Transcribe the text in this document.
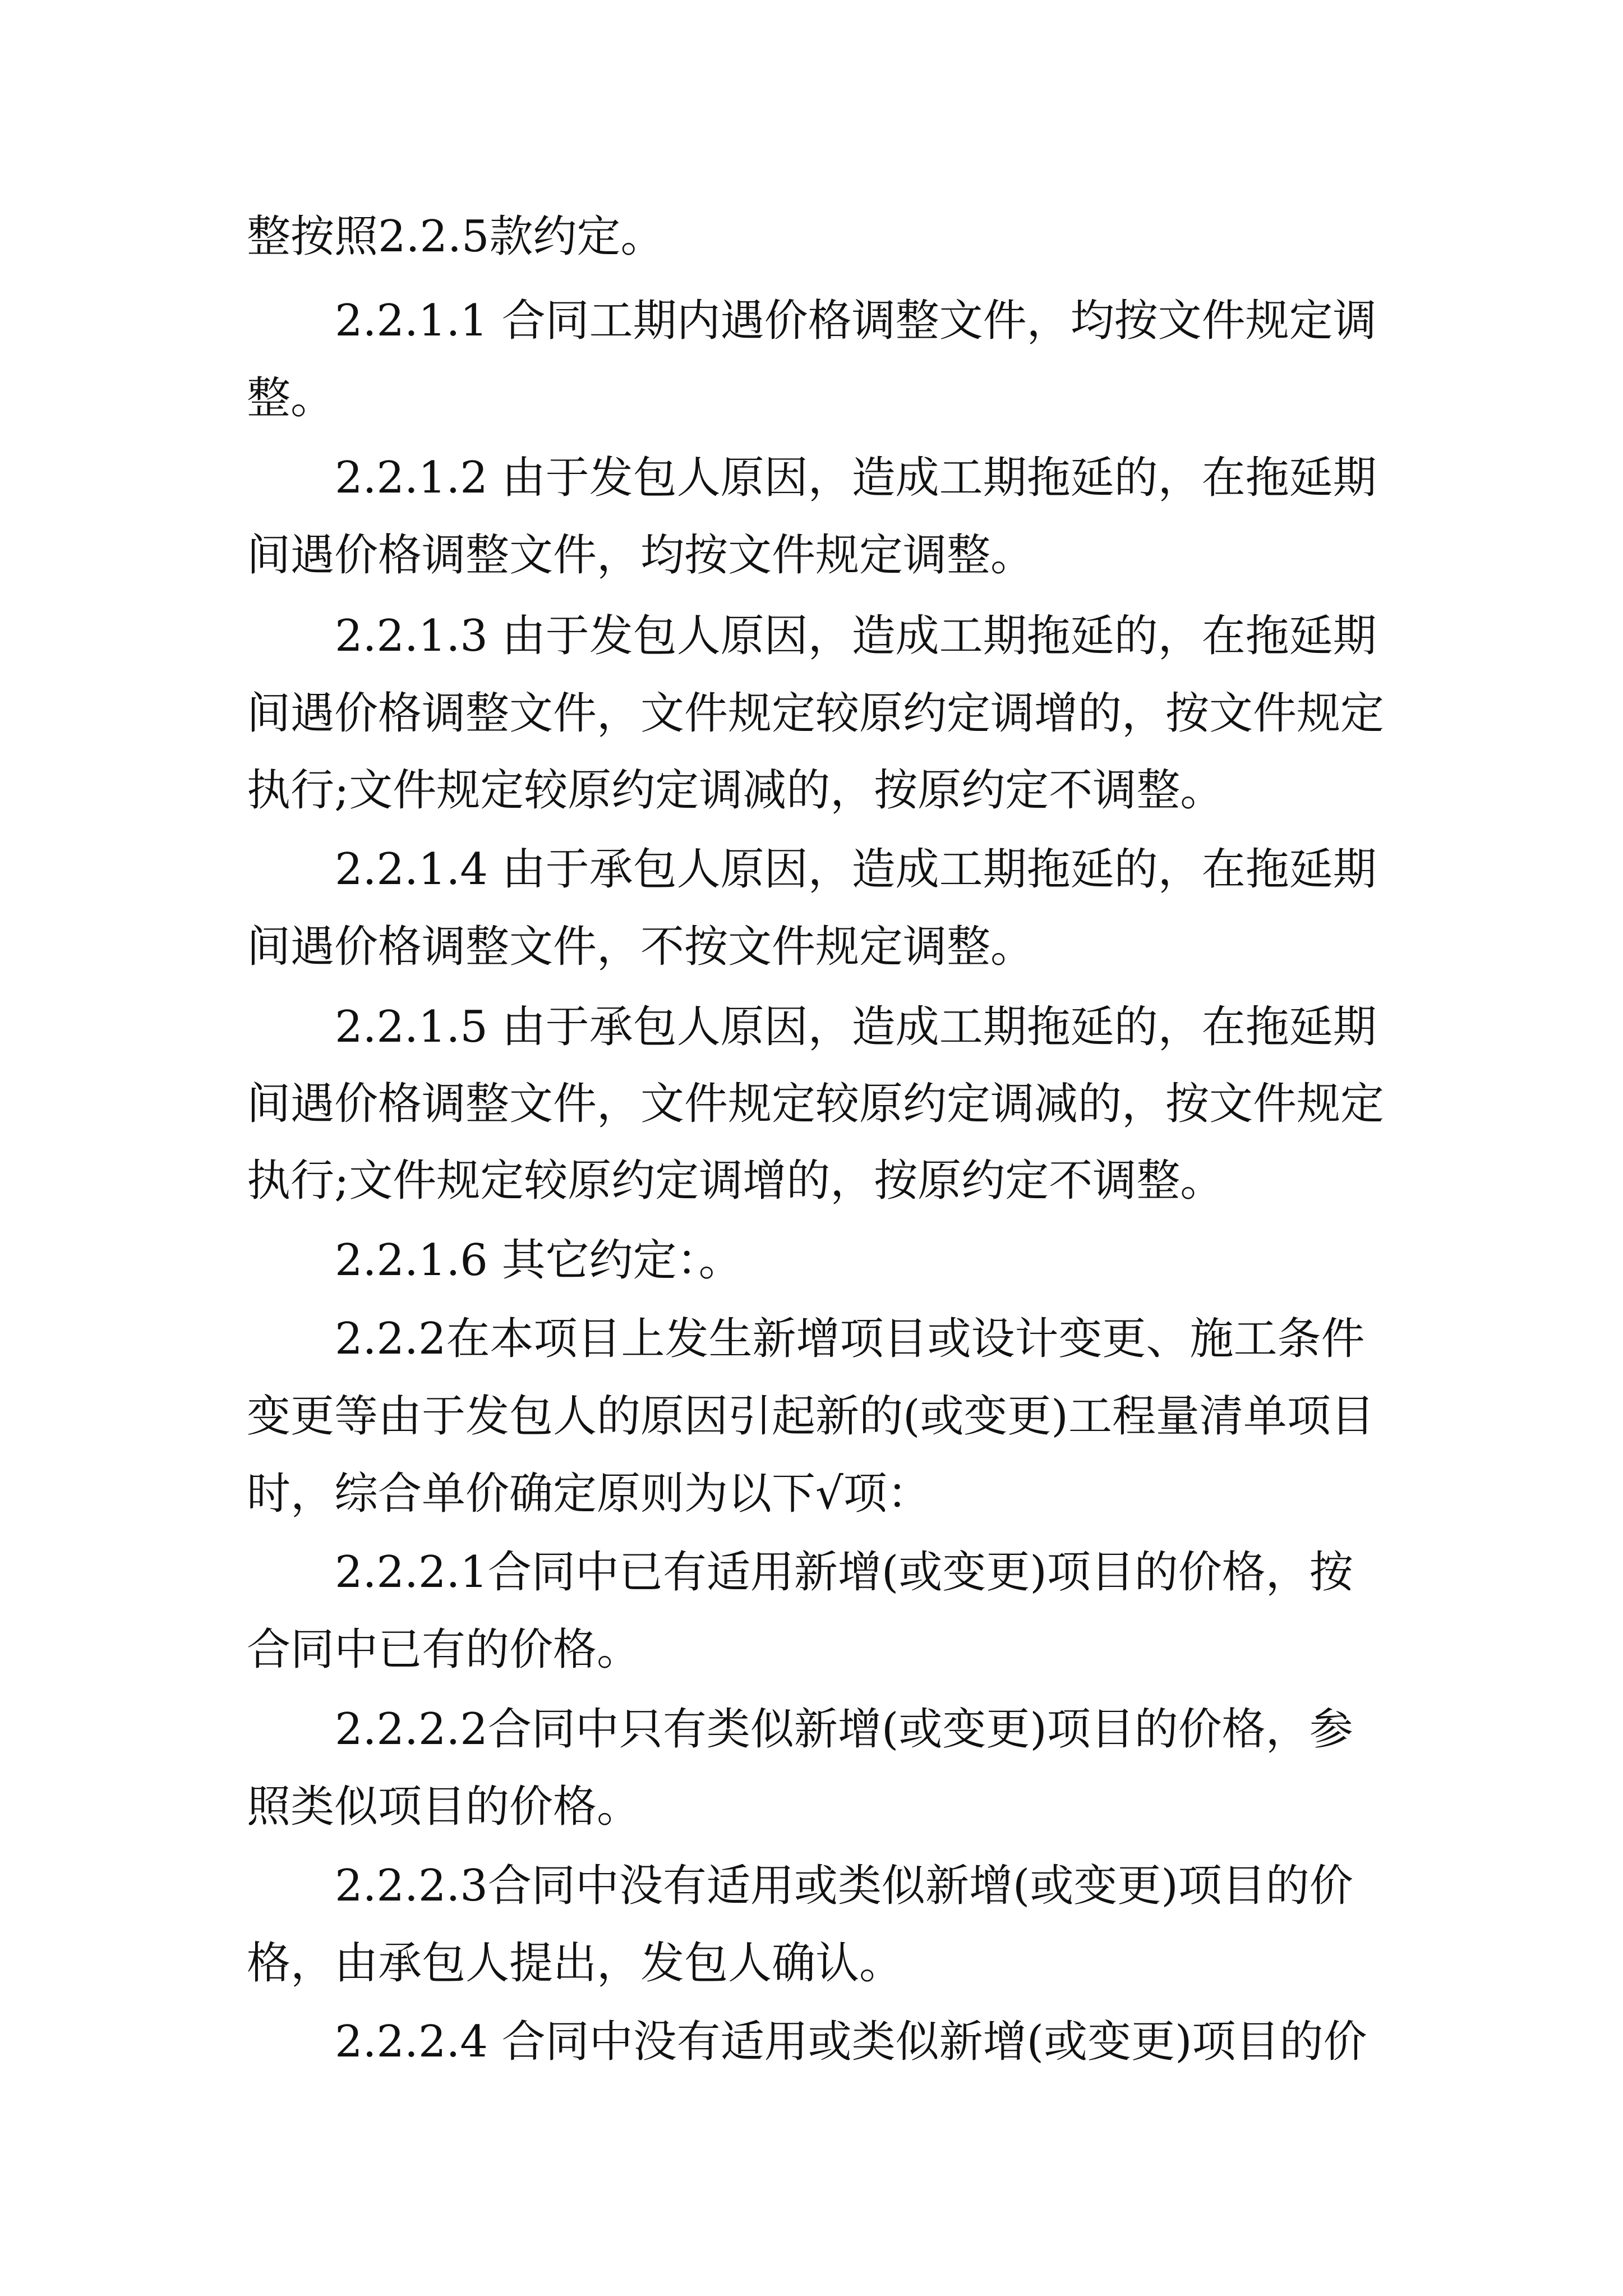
整按照2.2.5款约定。

2.2.1.1 合同工期内遇价格调整文件，均按文件规定调

整。

2.2.1.2 由于发包人原因，造成工期拖延的，在拖延期

间遇价格调整文件，均按文件规定调整。

2.2.1.3 由于发包人原因，造成工期拖延的，在拖延期

间遇价格调整文件，文件规定较原约定调增的，按文件规定

执行;文件规定较原约定调减的，按原约定不调整。

2.2.1.4 由于承包人原因，造成工期拖延的，在拖延期

间遇价格调整文件，不按文件规定调整。

2.2.1.5 由于承包人原因，造成工期拖延的，在拖延期

间遇价格调整文件，文件规定较原约定调减的，按文件规定

执行;文件规定较原约定调增的，按原约定不调整。

2.2.1.6 其它约定：。

2.2.2在本项目上发生新增项目或设计变更、施工条件

变更等由于发包人的原因引起新的(或变更)工程量清单项目

时，综合单价确定原则为以下√项：

2.2.2.1合同中已有适用新增(或变更)项目的价格，按

合同中已有的价格。

2.2.2.2合同中只有类似新增(或变更)项目的价格，参

照类似项目的价格。

2.2.2.3合同中没有适用或类似新增(或变更)项目的价

格，由承包人提出，发包人确认。

2.2.2.4 合同中没有适用或类似新增(或变更)项目的价
